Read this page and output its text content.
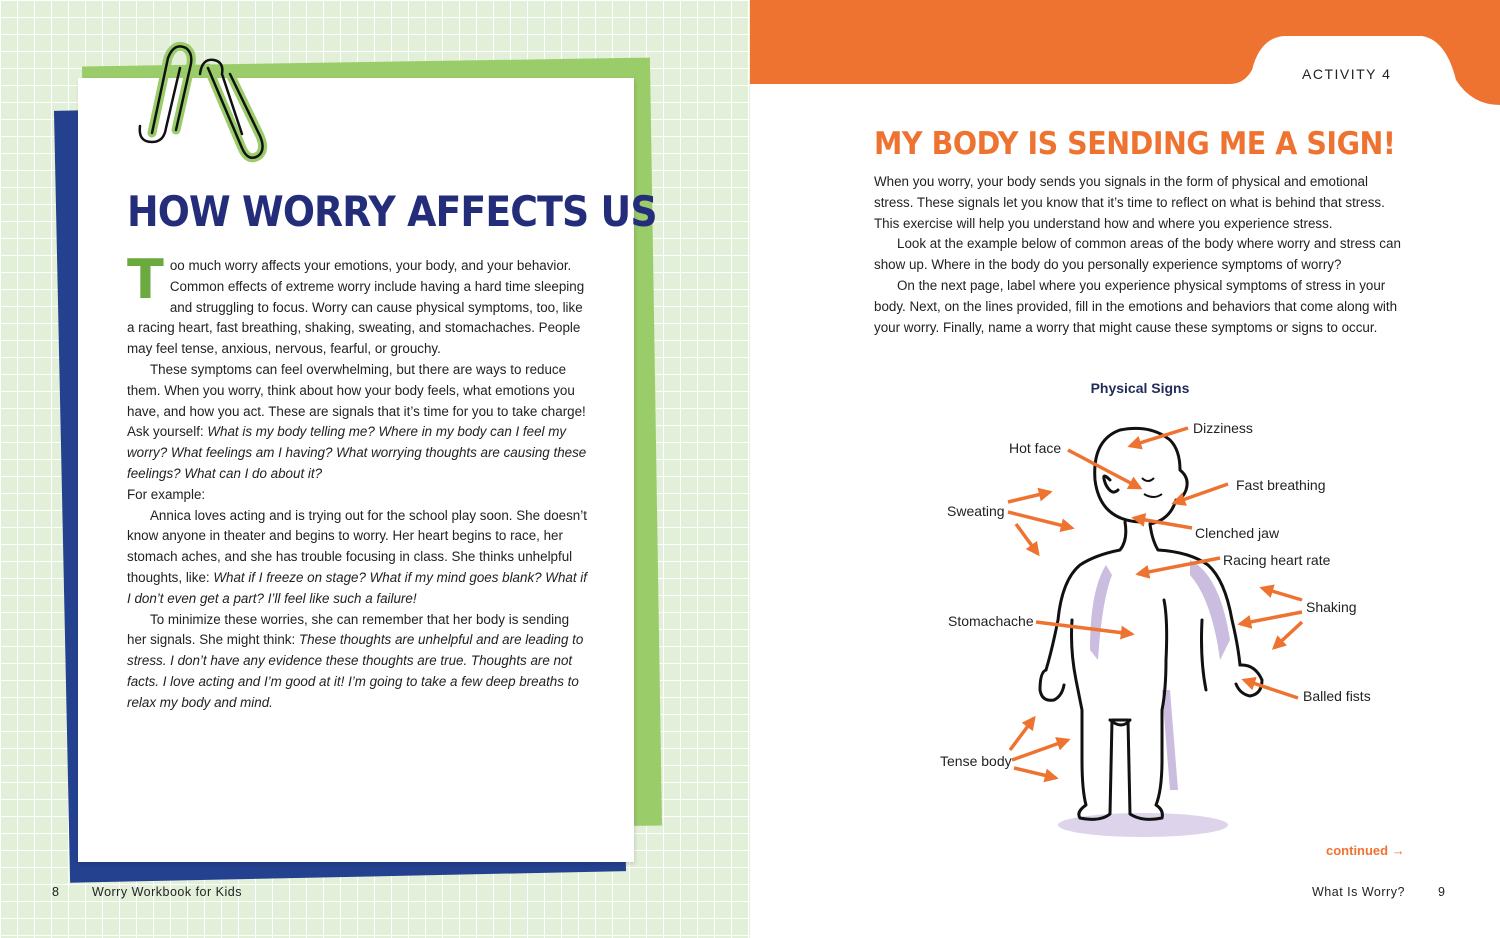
HOW WORRY AFFECTS US

Too much worry affects your emotions, your body, and your behavior. Common effects of extreme worry include having a hard time sleeping and struggling to focus. Worry can cause physical symptoms, too, like a racing heart, fast breathing, shaking, sweating, and stomachaches. People may feel tense, anxious, nervous, fearful, or grouchy.

These symptoms can feel overwhelming, but there are ways to reduce them. When you worry, think about how your body feels, what emotions you have, and how you act. These are signals that it’s time for you to take charge! Ask yourself: What is my body telling me? Where in my body can I feel my worry? What feelings am I having? What worrying thoughts are causing these feelings? What can I do about it?

For example:

Annica loves acting and is trying out for the school play soon. She doesn’t know anyone in theater and begins to worry. Her heart begins to race, her stomach aches, and she has trouble focusing in class. She thinks unhelpful thoughts, like: What if I freeze on stage? What if my mind goes blank? What if I don’t even get a part? I’ll feel like such a failure!

To minimize these worries, she can remember that her body is sending her signals. She might think: These thoughts are unhelpful and are leading to stress. I don’t have any evidence these thoughts are true. Thoughts are not facts. I love acting and I’m good at it! I’m going to take a few deep breaths to relax my body and mind.

8	Worry Workbook for Kids
ACTIVITY 4
MY BODY IS SENDING ME A SIGN!

When you worry, your body sends you signals in the form of physical and emotional stress. These signals let you know that it’s time to reflect on what is behind that stress. This exercise will help you understand how and where you experience stress.

Look at the example below of common areas of the body where worry and stress can show up. Where in the body do you personally experience symptoms of worry?

On the next page, label where you experience physical symptoms of stress in your body. Next, on the lines provided, fill in the emotions and behaviors that come along with your worry. Finally, name a worry that might cause these symptoms or signs to occur.

Physical Signs
Dizziness
Hot face
Fast breathing
Sweating
Clenched jaw
Racing heart rate
Shaking
Stomachache
Balled fists
Tense body
continued →
What Is Worry?	9
